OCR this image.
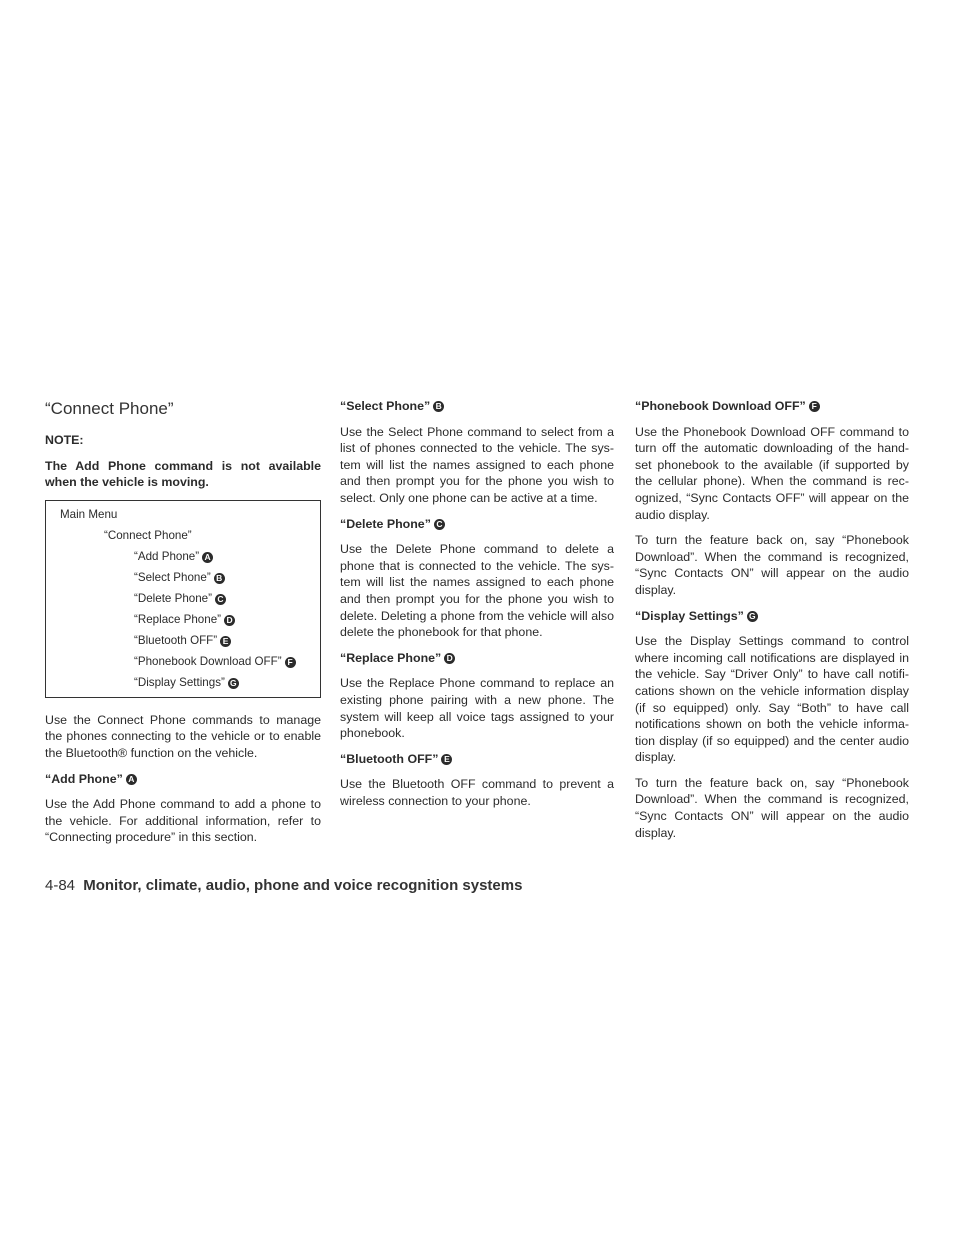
“Connect Phone”
NOTE:

The Add Phone command is not available when the vehicle is moving.

Main Menu
“Connect Phone”
“Add Phone” A
“Select Phone” B
“Delete Phone” C
“Replace Phone” D
“Bluetooth OFF” E
“Phonebook Download OFF” F
“Display Settings” G

Use the Connect Phone commands to manage the phones connecting to the vehicle or to enable the Bluetooth® function on the vehicle.

“Add Phone” A

Use the Add Phone command to add a phone to the vehicle. For additional information, refer to “Connecting procedure” in this section.

“Select Phone” B

Use the Select Phone command to select from a list of phones connected to the vehicle. The sys- tem will list the names assigned to each phone and then prompt you for the phone you wish to select. Only one phone can be active at a time.

“Delete Phone” C

Use the Delete Phone command to delete a phone that is connected to the vehicle. The sys- tem will list the names assigned to each phone and then prompt you for the phone you wish to delete. Deleting a phone from the vehicle will also delete the phonebook for that phone.

“Replace Phone” D

Use the Replace Phone command to replace an existing phone pairing with a new phone. The system will keep all voice tags assigned to your phonebook.

“Bluetooth OFF” E

Use the Bluetooth OFF command to prevent a wireless connection to your phone.

“Phonebook Download OFF” F

Use the Phonebook Download OFF command to turn off the automatic downloading of the hand- set phonebook to the available (if supported by the cellular phone). When the command is rec- ognized, “Sync Contacts OFF” will appear on the audio display.

To turn the feature back on, say “Phonebook Download”. When the command is recognized, “Sync Contacts ON” will appear on the audio display.

“Display Settings” G

Use the Display Settings command to control where incoming call notifications are displayed in the vehicle. Say “Driver Only” to have call notifi- cations shown on the vehicle information display (if so equipped) only. Say “Both” to have call notifications shown on both the vehicle informa- tion display (if so equipped) and the center audio display.

To turn the feature back on, say “Phonebook Download”. When the command is recognized, “Sync Contacts ON” will appear on the audio display.

4-84 Monitor, climate, audio, phone and voice recognition systems
